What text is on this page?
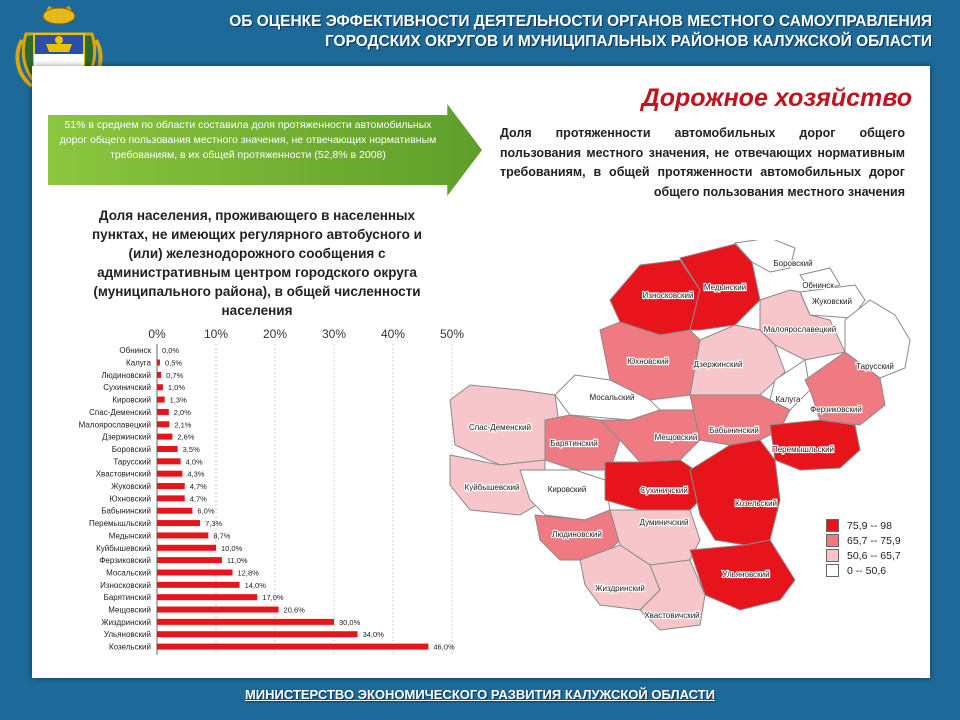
ОБ ОЦЕНКЕ ЭФФЕКТИВНОСТИ ДЕЯТЕЛЬНОСТИ ОРГАНОВ МЕСТНОГО САМОУПРАВЛЕНИЯ
ГОРОДСКИХ ОКРУГОВ И МУНИЦИПАЛЬНЫХ РАЙОНОВ КАЛУЖСКОЙ ОБЛАСТИ
Дорожное хозяйство
51% в среднем по области составила доля протяженности автомобильных дорог общего пользования местного значения, не отвечающих нормативным требованиям, в их общей протяженности (52,8% в 2008)
Доля протяженности автомобильных дорог общего пользования местного значения, не отвечающих нормативным требованиям, в общей протяженности автомобильных дорог общего пользования местного значения
Доля населения, проживающего в населенных пунктах, не имеющих регулярного автобусного и (или) железнодорожного сообщения с административным центром городского округа (муниципального района), в общей численности населения
0%	10%	20%	30%	40%	50%
Обнинск 0,0%
Калуга 0,5%
Людиновский 0,7%
Сухиничский 1,0%
Кировский 1,3%
Спас-Деменский	2,0%
Малоярославецкий	2,1%
Дзержинский	2,6%
Боровский	3,5%
Тарусский	4,0%
Хвастовичский	4,3%
Жуковский	4,7%
Юхновский	4,7%
Бабынинский	6,0%
Перемышльский	7,3%
Медынский	8,7%
Куйбышевский	10,0%
Ферзиковский	11,0%
Мосальский	12,8%
Износковский	14,0%
Барятинский	17,0%
Мещовский	20,6%
Жиздринский	30,0%
Ульяновский	34,0%
Козельский	46,0%
Боровский
Обнинск
Жуковский
Износковский
Медынский
Малоярославецкий
Тарусский
Юхновский	Дзержинский
Мосальский	Калуга
Ферзиковский
Спас-Деменский
Барятинский
Мещовский
Бабынинский
Перемышльский
Куйбышевский	Кировский	Сухиничский
Козельский
Людиновский
Думиничский
Ульяновский
Жиздринский
Хвастовичский
75,9 -- 98
65,7 -- 75,9
50,6 -- 65,7
0 -- 50,6
МИНИСТЕРСТВО ЭКОНОМИЧЕСКОГО РАЗВИТИЯ КАЛУЖСКОЙ ОБЛАСТИ
